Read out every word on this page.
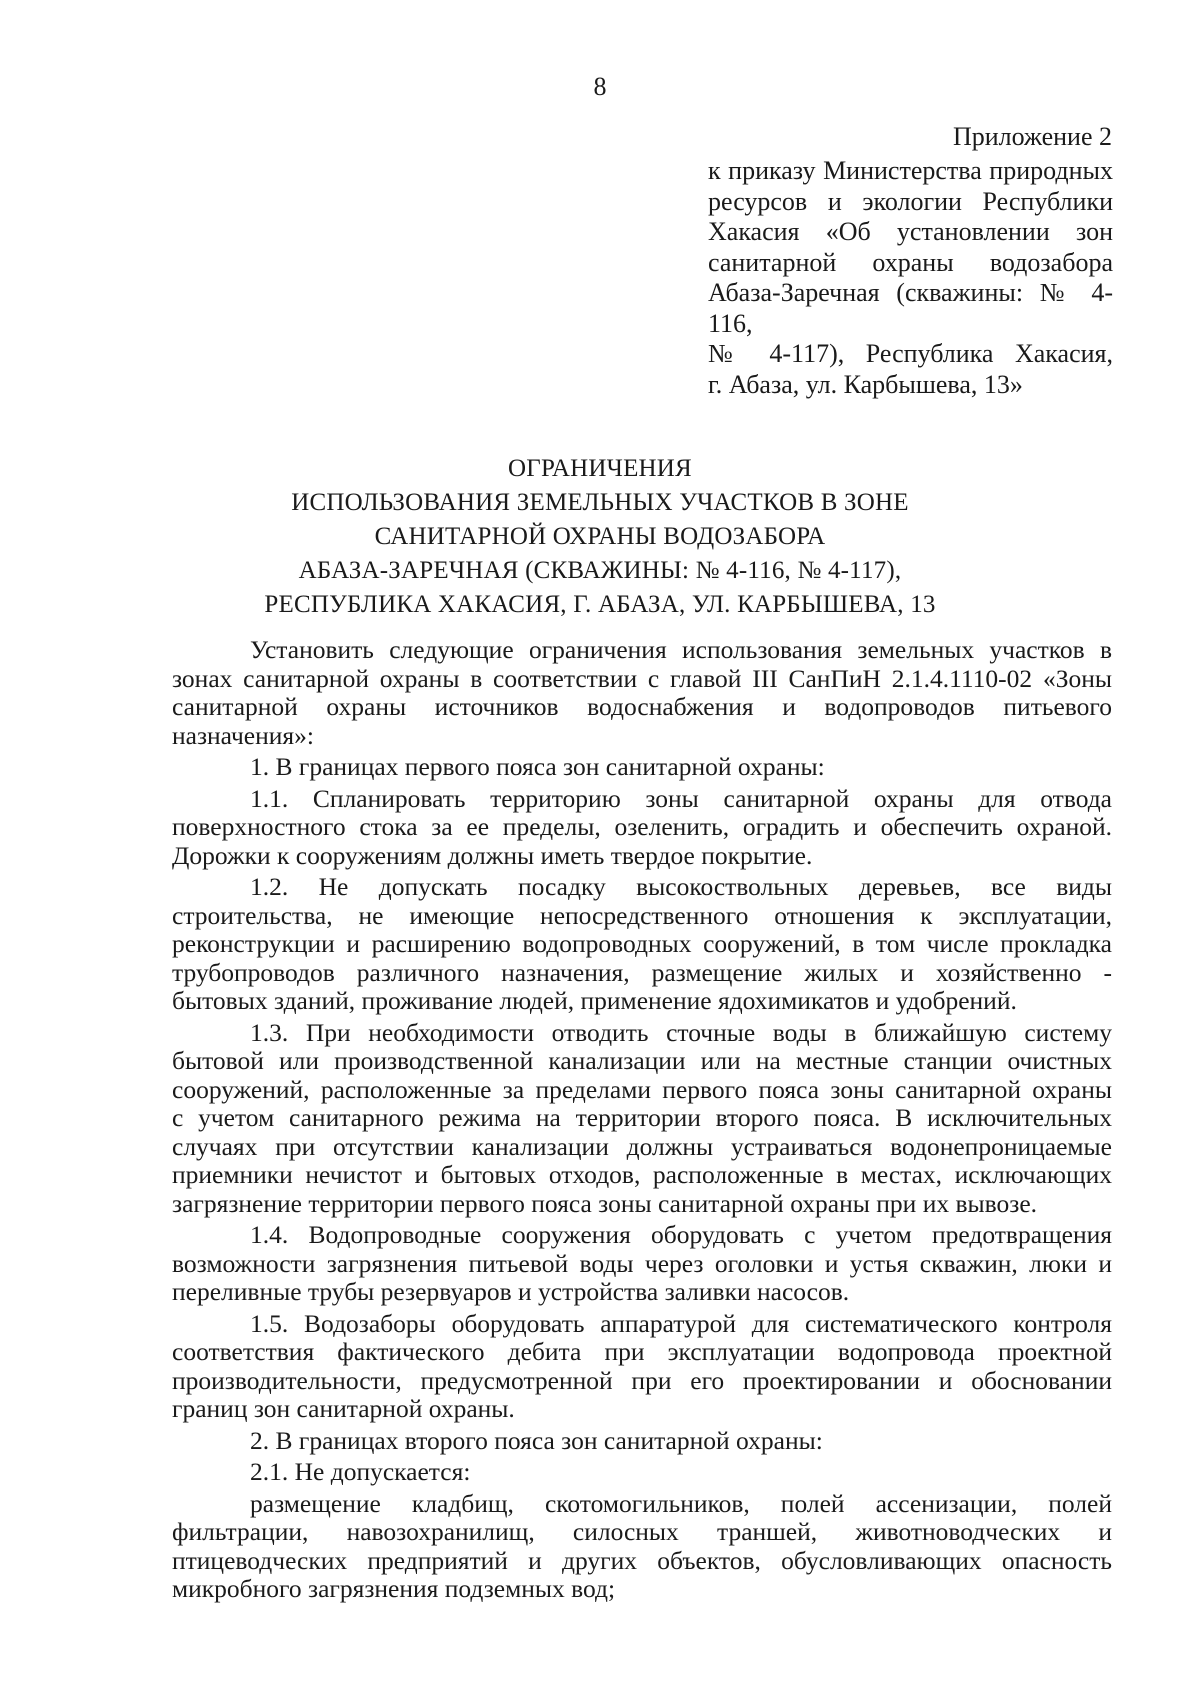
8
Приложение 2
к приказу Министерства природных
ресурсов и экологии Республики
Хакасия «Об установлении зон
санитарной охраны водозабора
Абаза-Заречная (скважины: № 4-116,
№ 4-117), Республика Хакасия,
г. Абаза, ул. Карбышева, 13»
ОГРАНИЧЕНИЯ
ИСПОЛЬЗОВАНИЯ ЗЕМЕЛЬНЫХ УЧАСТКОВ В ЗОНЕ
САНИТАРНОЙ ОХРАНЫ ВОДОЗАБОРА
АБАЗА-ЗАРЕЧНАЯ (СКВАЖИНЫ: № 4-116, № 4-117),
РЕСПУБЛИКА ХАКАСИЯ, Г. АБАЗА, УЛ. КАРБЫШЕВА, 13
Установить следующие ограничения использования земельных участков в
зонах санитарной охраны в соответствии с главой III СанПиН 2.1.4.1110-02 «Зоны
санитарной охраны источников водоснабжения и водопроводов питьевого
назначения»:
1. В границах первого пояса зон санитарной охраны:
1.1. Спланировать территорию зоны санитарной охраны для отвода
поверхностного стока за ее пределы, озеленить, оградить и обеспечить охраной.
Дорожки к сооружениям должны иметь твердое покрытие.
1.2. Не допускать посадку высокоствольных деревьев, все виды
строительства, не имеющие непосредственного отношения к эксплуатации,
реконструкции и расширению водопроводных сооружений, в том числе прокладка
трубопроводов различного назначения, размещение жилых и хозяйственно -
бытовых зданий, проживание людей, применение ядохимикатов и удобрений.
1.3. При необходимости отводить сточные воды в ближайшую систему
бытовой или производственной канализации или на местные станции очистных
сооружений, расположенные за пределами первого пояса зоны санитарной охраны
с учетом санитарного режима на территории второго пояса. В исключительных
случаях при отсутствии канализации должны устраиваться водонепроницаемые
приемники нечистот и бытовых отходов, расположенные в местах, исключающих
загрязнение территории первого пояса зоны санитарной охраны при их вывозе.
1.4. Водопроводные сооружения оборудовать с учетом предотвращения
возможности загрязнения питьевой воды через оголовки и устья скважин, люки и
переливные трубы резервуаров и устройства заливки насосов.
1.5. Водозаборы оборудовать аппаратурой для систематического контроля
соответствия фактического дебита при эксплуатации водопровода проектной
производительности, предусмотренной при его проектировании и обосновании
границ зон санитарной охраны.
2. В границах второго пояса зон санитарной охраны:
2.1. Не допускается:
размещение кладбищ, скотомогильников, полей ассенизации, полей
фильтрации, навозохранилищ, силосных траншей, животноводческих и
птицеводческих предприятий и других объектов, обусловливающих опасность
микробного загрязнения подземных вод;
